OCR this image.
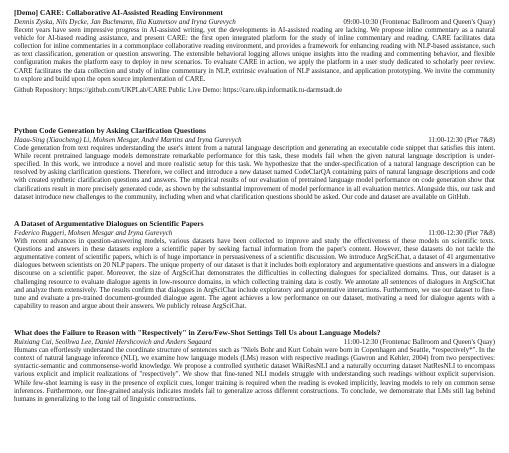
[Demo] CARE: Collaborative AI-Assisted Reading Environment

Dennis Zyska, Nils Dycke, Jan Buchmann, Ilia Kuznetsov and Iryna Gurevych	09:00-10:30 (Frontenac Ballroom and Queen's Quay)

Recent years have seen impressive progress in AI-assisted writing, yet the developments in AI-assisted reading are lacking. We propose inline commentary as a natural vehicle for AI-based reading assistance, and present CARE: the first open integrated platform for the study of inline commentary and reading. CARE facilitates data collection for inline commentaries in a commonplace collaborative reading environment, and provides a framework for enhancing reading with NLP-based assistance, such as text classification, generation or question answering. The extensible behavioral logging allows unique insights into the reading and commenting behavior, and flexible configuration makes the platform easy to deploy in new scenarios. To evaluate CARE in action, we apply the platform in a user study dedicated to scholarly peer review. CARE facilitates the data collection and study of inline commentary in NLP, extrinsic evaluation of NLP assistance, and application prototyping. We invite the community to explore and build upon the open source implementation of CARE.

Github Repository: https://github.com/UKPLab/CARE Public Live Demo: https://care.ukp.informatik.tu-darmstadt.de

Python Code Generation by Asking Clarification Questions

Haau-Sing (Xiaocheng) Li, Mohsen Mesgar, André Martins and Iryna Gurevych	11:00-12:30 (Pier 7&8)

Code generation from text requires understanding the user's intent from a natural language description and generating an executable code snippet that satisfies this intent. While recent pretrained language models demonstrate remarkable performance for this task, these models fail when the given natural language description is under-specified. In this work, we introduce a novel and more realistic setup for this task. We hypothesize that the under-specification of a natural language description can be resolved by asking clarification questions. Therefore, we collect and introduce a new dataset named CodeClarQA containing pairs of natural language descriptions and code with created synthetic clarification questions and answers. The empirical results of our evaluation of pretrained language model performance on code generation show that clarifications result in more precisely generated code, as shown by the substantial improvement of model performance in all evaluation metrics. Alongside this, our task and dataset introduce new challenges to the community, including when and what clarification questions should be asked. Our code and dataset are available on GitHub.

A Dataset of Argumentative Dialogues on Scientific Papers

Federico Ruggeri, Mohsen Mesgar and Iryna Gurevych	11:00-12:30 (Pier 7&8)

With recent advances in question-answering models, various datasets have been collected to improve and study the effectiveness of these models on scientific texts. Questions and answers in these datasets explore a scientific paper by seeking factual information from the paper's content. However, these datasets do not tackle the argumentative content of scientific papers, which is of huge importance in persuasiveness of a scientific discussion. We introduce ArgSciChat, a dataset of 41 argumentative dialogues between scientists on 20 NLP papers. The unique property of our dataset is that it includes both exploratory and argumentative questions and answers in a dialogue discourse on a scientific paper. Moreover, the size of ArgSciChat demonstrates the difficulties in collecting dialogues for specialized domains. Thus, our dataset is a challenging resource to evaluate dialogue agents in low-resource domains, in which collecting training data is costly. We annotate all sentences of dialogues in ArgSciChat and analyze them extensively. The results confirm that dialogues in ArgSciChat include exploratory and argumentative interactions. Furthermore, we use our dataset to fine-tune and evaluate a pre-trained document-grounded dialogue agent. The agent achieves a low performance on our dataset, motivating a need for dialogue agents with a capability to reason and argue about their answers. We publicly release ArgSciChat.

What does the Failure to Reason with "Respectively" in Zero/Few-Shot Settings Tell Us about Language Models?

Ruixiang Cui, Seolhwa Lee, Daniel Hershcovich and Anders Søgaard	11:00-12:30 (Frontenac Ballroom and Queen's Quay)

Humans can effortlessly understand the coordinate structure of sentences such as "Niels Bohr and Kurt Cobain were born in Copenhagen and Seattle, *respectively*". In the context of natural language inference (NLI), we examine how language models (LMs) reason with respective readings (Gawron and Kehler, 2004) from two perspectives: syntactic-semantic and commonsense-world knowledge. We propose a controlled synthetic dataset WikiResNLI and a naturally occurring dataset NatResNLI to encompass various explicit and implicit realizations of "respectively". We show that fine-tuned NLI models struggle with understanding such readings without explicit supervision. While few-shot learning is easy in the presence of explicit cues, longer training is required when the reading is evoked implicitly, leaving models to rely on common sense inferences. Furthermore, our fine-grained analysis indicates models fail to generalize across different constructions. To conclude, we demonstrate that LMs still lag behind humans in generalizing to the long tail of linguistic constructions.
